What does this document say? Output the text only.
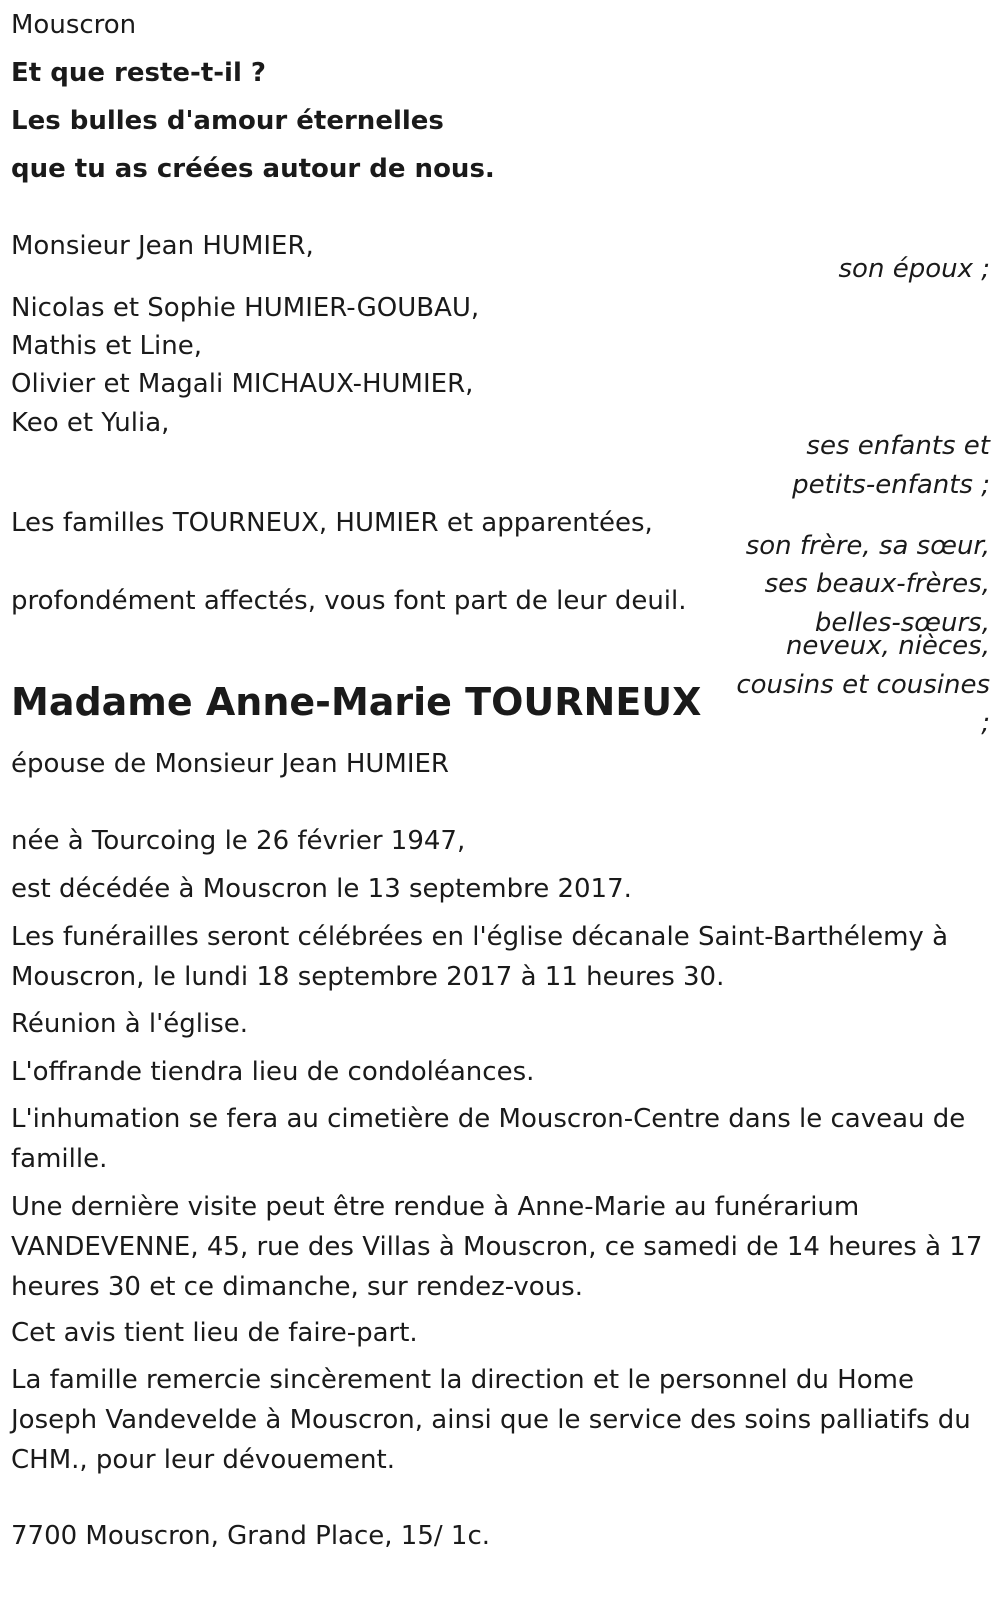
Mouscron

Et que reste-t-il ?

Les bulles d'amour éternelles

que tu as créées autour de nous.

Monsieur Jean HUMIER,

Nicolas et Sophie HUMIER-GOUBAU,

Mathis et Line,

Olivier et Magali MICHAUX-HUMIER,

Keo et Yulia,

Les familles TOURNEUX, HUMIER et apparentées,

profondément affectés, vous font part de leur deuil.

Madame Anne-Marie TOURNEUX

épouse de Monsieur Jean HUMIER

née à Tourcoing le 26 février 1947,

est décédée à Mouscron le 13 septembre 2017.

Les funérailles seront célébrées en l'église décanale Saint-Barthélemy à Mouscron, le lundi 18 septembre 2017 à 11 heures 30.

Réunion à l'église.

L'offrande tiendra lieu de condoléances.

L'inhumation se fera au cimetière de Mouscron-Centre dans le caveau de famille.

Une dernière visite peut être rendue à Anne-Marie au funérarium VANDEVENNE, 45, rue des Villas à Mouscron, ce samedi de 14 heures à 17 heures 30 et ce dimanche, sur rendez-vous.

Cet avis tient lieu de faire-part.

La famille remercie sincèrement la direction et le personnel du Home Joseph Vandevelde à Mouscron, ainsi que le service des soins palliatifs du CHM., pour leur dévouement.

7700 Mouscron, Grand Place, 15/ 1c.

son époux ;

ses enfants et

petits-enfants ;

son frère, sa sœur,

ses beaux-frères,

belles-sœurs,

neveux, nièces,

cousins et cousines

;
